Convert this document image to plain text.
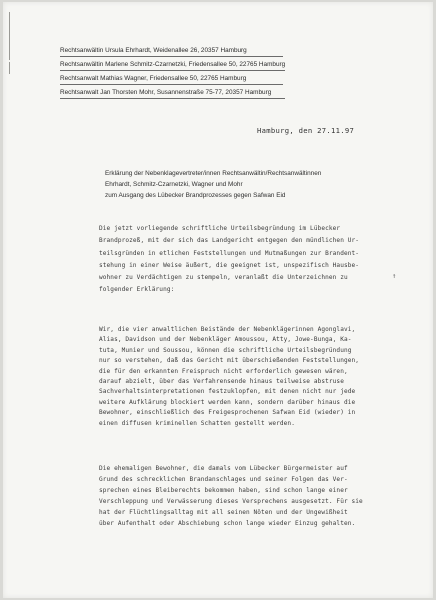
Rechtsanwältin Ursula Ehrhardt, Weidenallee 26, 20357 Hamburg
Rechtsanwältin Marlene Schmitz-Czarnetzki, Friedensallee 50, 22765 Hamburg
Rechtsanwalt Mathias Wagner, Friedensallee 50, 22765 Hamburg
Rechtsanwalt Jan Thorsten Mohr, Susannenstraße 75-77, 20357 Hamburg
Hamburg, den 27.11.97
Erklärung der Nebenklagevertreter/innen Rechtsanwältin/Rechtsanwältinnen
Ehrhardt, Schmitz-Czarnetzki, Wagner und Mohr
zum Ausgang des Lübecker Brandprozesses gegen Safwan Eid
Die jetzt vorliegende schriftliche Urteilsbegründung im Lübecker
Brandprozeß, mit der sich das Landgericht entgegen den mündlichen Ur-
teilsgründen in etlichen Feststellungen und Mutmaßungen zur Brandent-
stehung in einer Weise äußert, die geeignet ist, unspezifisch Hausbe-
wohner zu Verdächtigen zu stempeln, veranlaßt die Unterzeichnen zu
folgender Erklärung:
↑
Wir, die vier anwaltlichen Beistände der Nebenklägerinnen Agonglavi,
Alias, Davidson und der Nebenkläger Amoussou, Atty, Jowe-Bunga, Ka-
tuta, Munier und Soussou, können die schriftliche Urteilsbegründung
nur so verstehen, daß das Gericht mit überschießenden Feststellungen,
die für den erkannten Freispruch nicht erforderlich gewesen wären,
darauf abzielt, über das Verfahrensende hinaus teilweise abstruse
Sachverhaltsinterpretationen festzuklopfen, mit denen nicht nur jede
weitere Aufklärung blockiert werden kann, sondern darüber hinaus die
Bewohner, einschließlich des Freigesprochenen Safwan Eid (wieder) in
einen diffusen kriminellen Schatten gestellt werden.
Die ehemaligen Bewohner, die damals vom Lübecker Bürgermeister auf
Grund des schrecklichen Brandanschlages und seiner Folgen das Ver-
sprechen eines Bleiberechts bekommen haben, sind schon lange einer
Verschleppung und Verwässerung dieses Versprechens ausgesetzt. Für sie
hat der Flüchtlingsalltag mit all seinen Nöten und der Ungewißheit
über Aufenthalt oder Abschiebung schon lange wieder Einzug gehalten.
